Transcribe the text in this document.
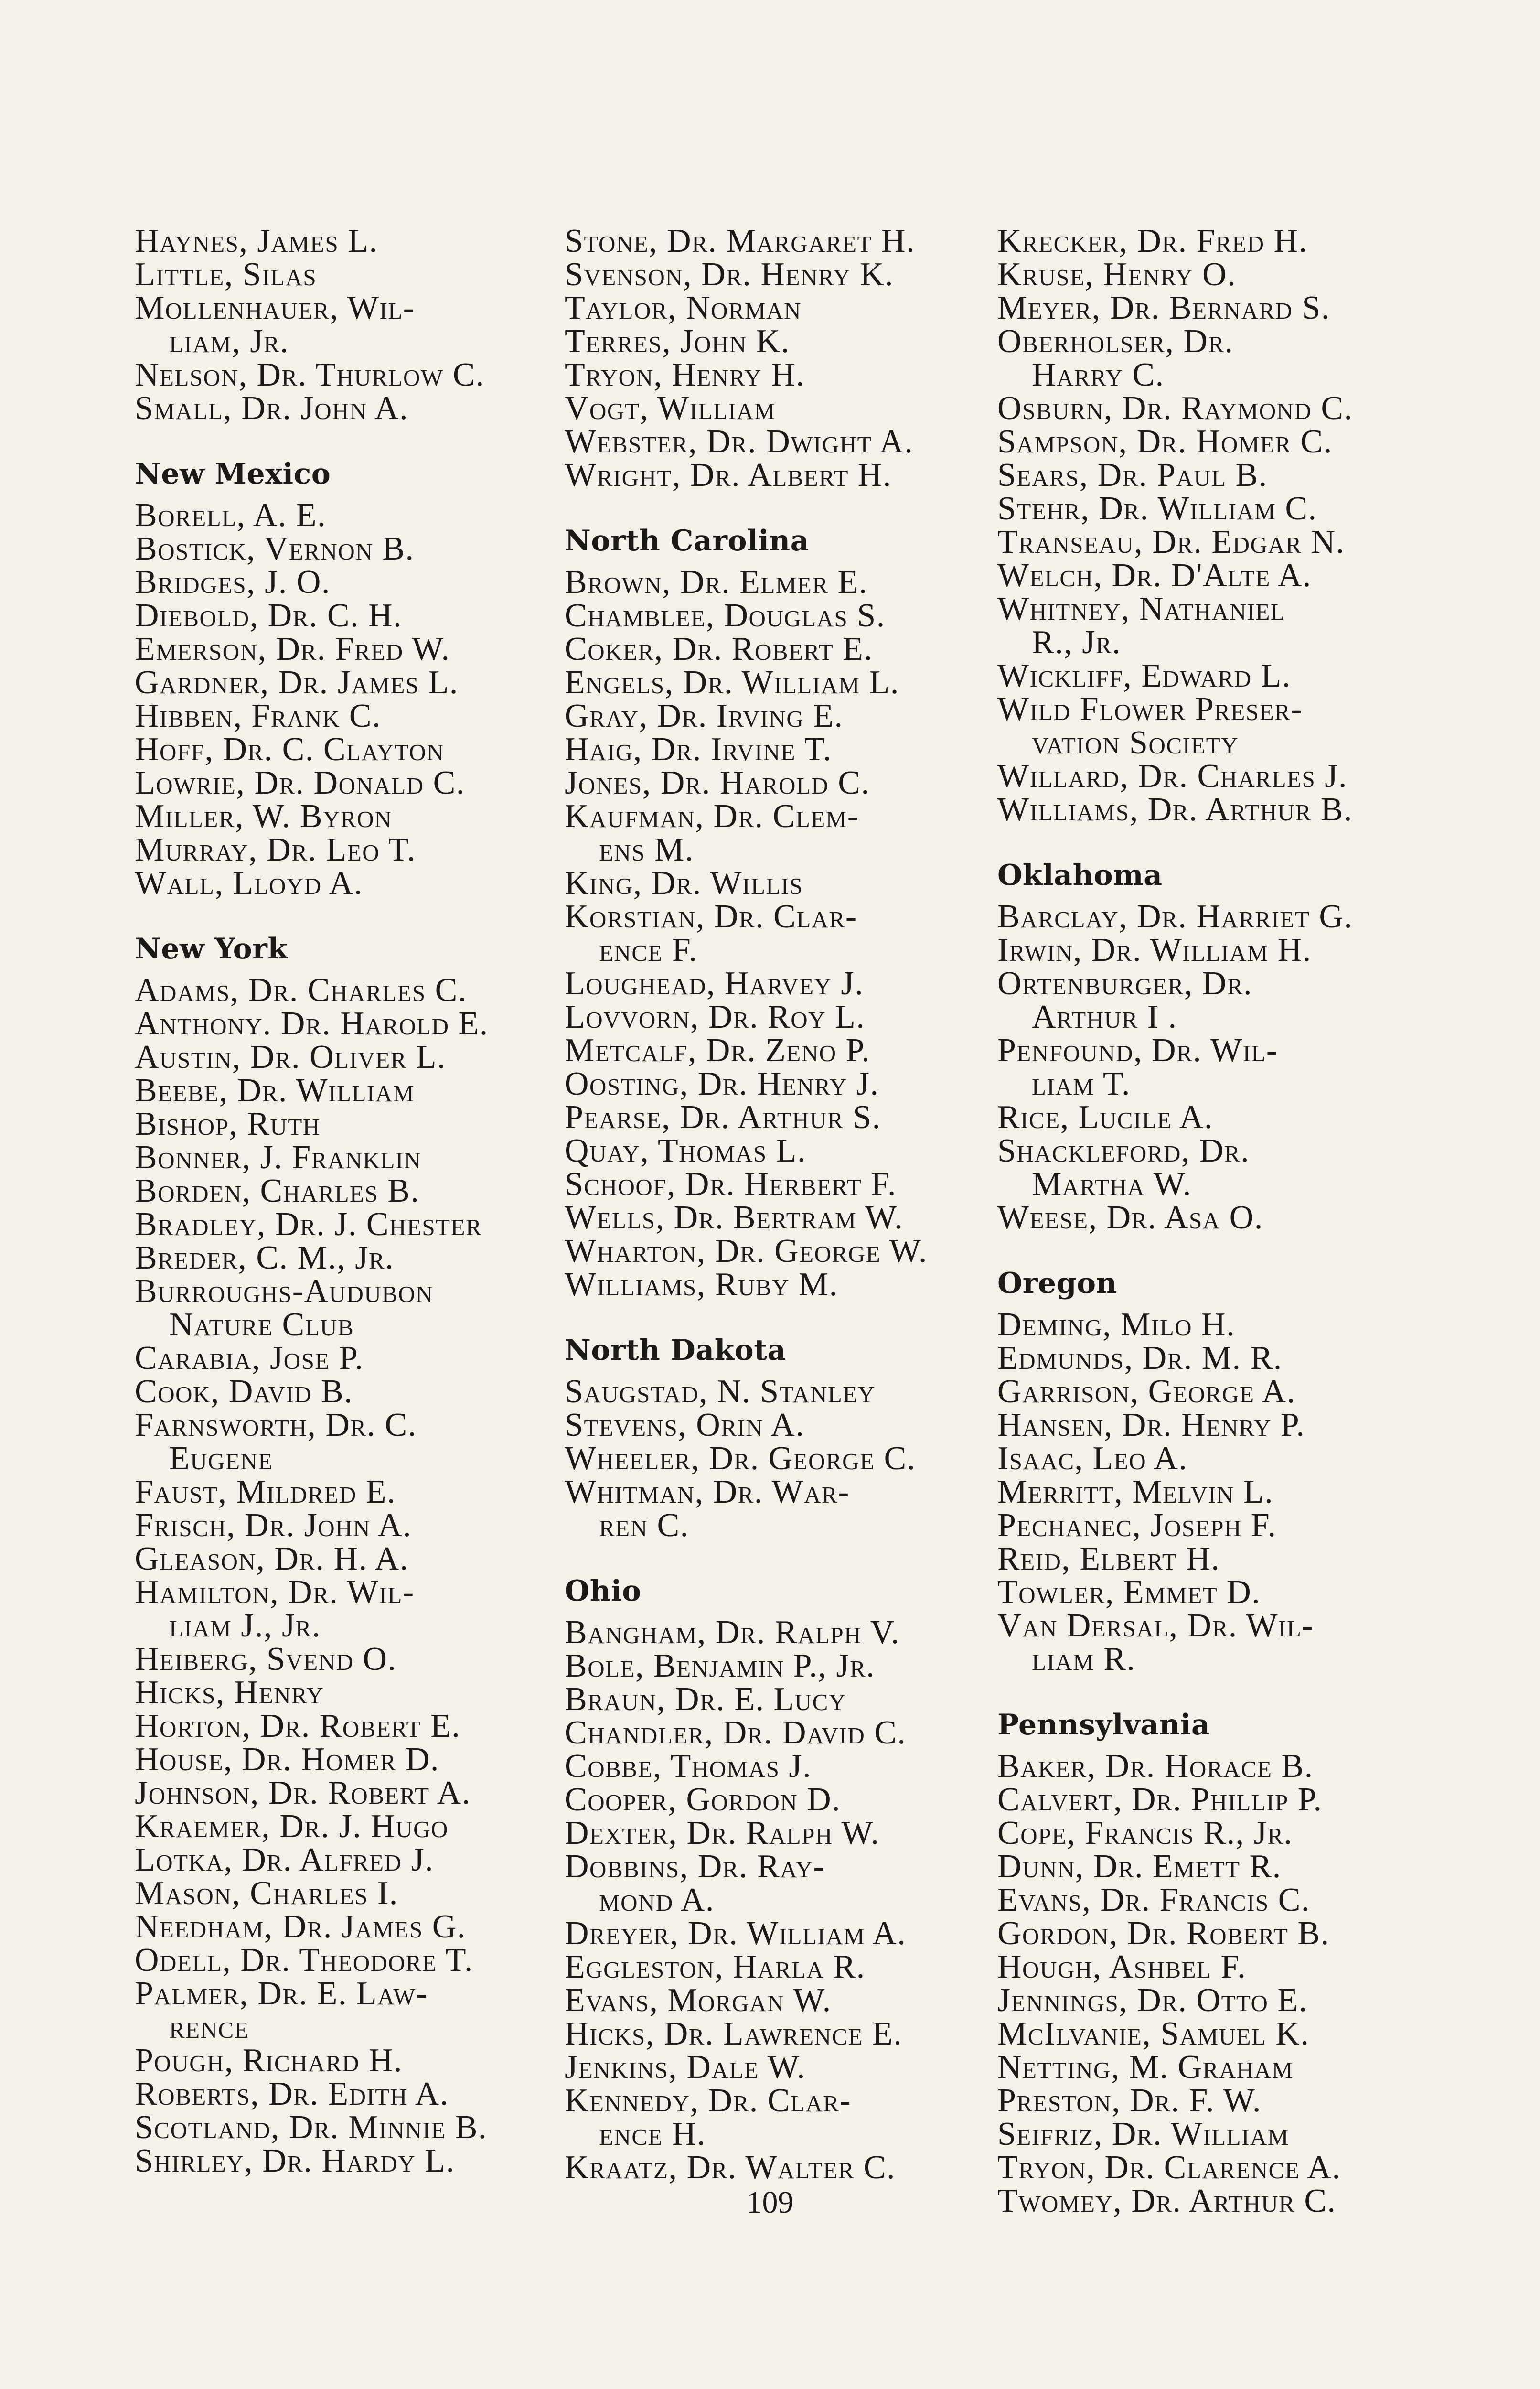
Haynes, James L.
Little, Silas
Mollenhauer, Wil-
liam, Jr.
Nelson, Dr. Thurlow C.
Small, Dr. John A.
New Mexico
Borell, A. E.
Bostick, Vernon B.
Bridges, J. O.
Diebold, Dr. C. H.
Emerson, Dr. Fred W.
Gardner, Dr. James L.
Hibben, Frank C.
Hoff, Dr. C. Clayton
Lowrie, Dr. Donald C.
Miller, W. Byron
Murray, Dr. Leo T.
Wall, Lloyd A.
New York
Adams, Dr. Charles C.
Anthony. Dr. Harold E.
Austin, Dr. Oliver L.
Beebe, Dr. William
Bishop, Ruth
Bonner, J. Franklin
Borden, Charles B.
Bradley, Dr. J. Chester
Breder, C. M., Jr.
Burroughs-Audubon
Nature Club
Carabia, Jose P.
Cook, David B.
Farnsworth, Dr. C.
Eugene
Faust, Mildred E.
Frisch, Dr. John A.
Gleason, Dr. H. A.
Hamilton, Dr. Wil-
liam J., Jr.
Heiberg, Svend O.
Hicks, Henry
Horton, Dr. Robert E.
House, Dr. Homer D.
Johnson, Dr. Robert A.
Kraemer, Dr. J. Hugo
Lotka, Dr. Alfred J.
Mason, Charles I.
Needham, Dr. James G.
Odell, Dr. Theodore T.
Palmer, Dr. E. Law-
rence
Pough, Richard H.
Roberts, Dr. Edith A.
Scotland, Dr. Minnie B.
Shirley, Dr. Hardy L.
Stone, Dr. Margaret H.
Svenson, Dr. Henry K.
Taylor, Norman
Terres, John K.
Tryon, Henry H.
Vogt, William
Webster, Dr. Dwight A.
Wright, Dr. Albert H.
North Carolina
Brown, Dr. Elmer E.
Chamblee, Douglas S.
Coker, Dr. Robert E.
Engels, Dr. William L.
Gray, Dr. Irving E.
Haig, Dr. Irvine T.
Jones, Dr. Harold C.
Kaufman, Dr. Clem-
ens M.
King, Dr. Willis
Korstian, Dr. Clar-
ence F.
Loughead, Harvey J.
Lovvorn, Dr. Roy L.
Metcalf, Dr. Zeno P.
Oosting, Dr. Henry J.
Pearse, Dr. Arthur S.
Quay, Thomas L.
Schoof, Dr. Herbert F.
Wells, Dr. Bertram W.
Wharton, Dr. George W.
Williams, Ruby M.
North Dakota
Saugstad, N. Stanley
Stevens, Orin A.
Wheeler, Dr. George C.
Whitman, Dr. War-
ren C.
Ohio
Bangham, Dr. Ralph V.
Bole, Benjamin P., Jr.
Braun, Dr. E. Lucy
Chandler, Dr. David C.
Cobbe, Thomas J.
Cooper, Gordon D.
Dexter, Dr. Ralph W.
Dobbins, Dr. Ray-
mond A.
Dreyer, Dr. William A.
Eggleston, Harla R.
Evans, Morgan W.
Hicks, Dr. Lawrence E.
Jenkins, Dale W.
Kennedy, Dr. Clar-
ence H.
Kraatz, Dr. Walter C.
Krecker, Dr. Fred H.
Kruse, Henry O.
Meyer, Dr. Bernard S.
Oberholser, Dr.
Harry C.
Osburn, Dr. Raymond C.
Sampson, Dr. Homer C.
Sears, Dr. Paul B.
Stehr, Dr. William C.
Transeau, Dr. Edgar N.
Welch, Dr. D'Alte A.
Whitney, Nathaniel
R., Jr.
Wickliff, Edward L.
Wild Flower Preser-
vation Society
Willard, Dr. Charles J.
Williams, Dr. Arthur B.
Oklahoma
Barclay, Dr. Harriet G.
Irwin, Dr. William H.
Ortenburger, Dr.
Arthur I .
Penfound, Dr. Wil-
liam T.
Rice, Lucile A.
Shackleford, Dr.
Martha W.
Weese, Dr. Asa O.
Oregon
Deming, Milo H.
Edmunds, Dr. M. R.
Garrison, George A.
Hansen, Dr. Henry P.
Isaac, Leo A.
Merritt, Melvin L.
Pechanec, Joseph F.
Reid, Elbert H.
Towler, Emmet D.
Van Dersal, Dr. Wil-
liam R.
Pennsylvania
Baker, Dr. Horace B.
Calvert, Dr. Phillip P.
Cope, Francis R., Jr.
Dunn, Dr. Emett R.
Evans, Dr. Francis C.
Gordon, Dr. Robert B.
Hough, Ashbel F.
Jennings, Dr. Otto E.
McIlvanie, Samuel K.
Netting, M. Graham
Preston, Dr. F. W.
Seifriz, Dr. William
Tryon, Dr. Clarence A.
Twomey, Dr. Arthur C.
109
